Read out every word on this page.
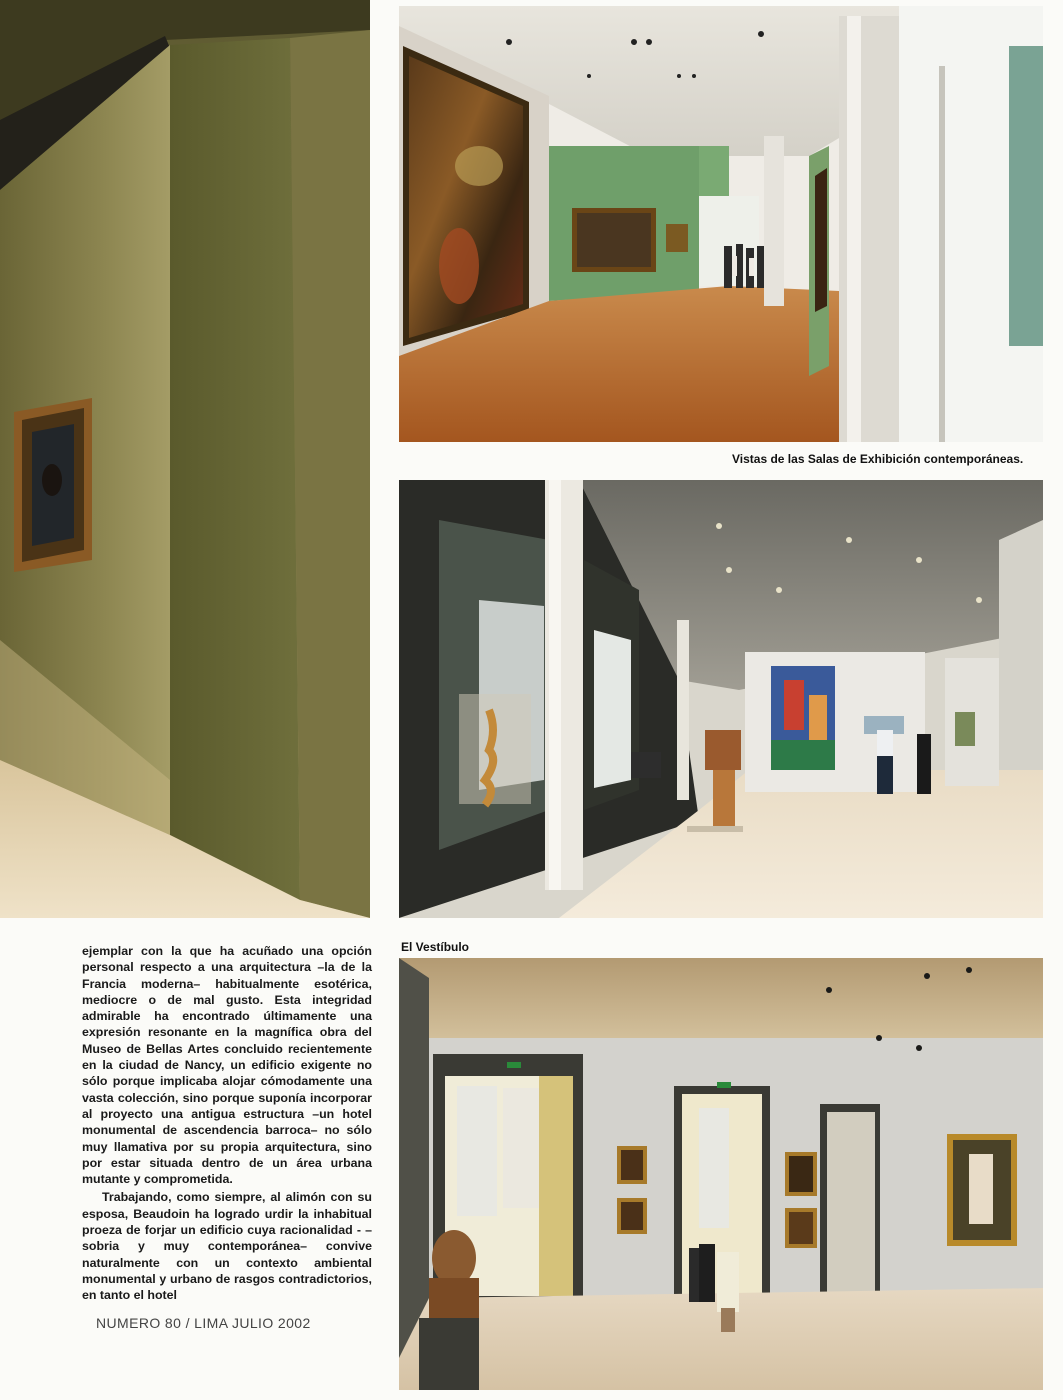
Vistas de las Salas de Exhibición contemporáneas.
El Vestíbulo

ejemplar con la que ha acuñado una opción personal respecto a una arquitectura –la de la Francia moderna– habitualmente esotérica, mediocre o de mal gusto. Esta integridad admirable ha encontrado últimamente una expresión resonante en la magnífica obra del Museo de Bellas Artes concluido recientemente en la ciudad de Nancy, un edificio exigente no sólo porque implicaba alojar cómodamente una vasta colección, sino porque suponía incorporar al proyecto una antigua estructura –un hotel monumental de ascendencia barroca– no sólo muy llamativa por su propia arquitectura, sino por estar situada dentro de un área urbana mutante y comprometida.

Trabajando, como siempre, al alimón con su esposa, Beaudoin ha logrado urdir la inhabitual proeza de forjar un edificio cuya racionalidad - –sobria y muy contemporánea– convive naturalmente con un contexto ambiental monumental y urbano de rasgos contradictorios, en tanto el hotel

NUMERO 80 / LIMA JULIO 2002
